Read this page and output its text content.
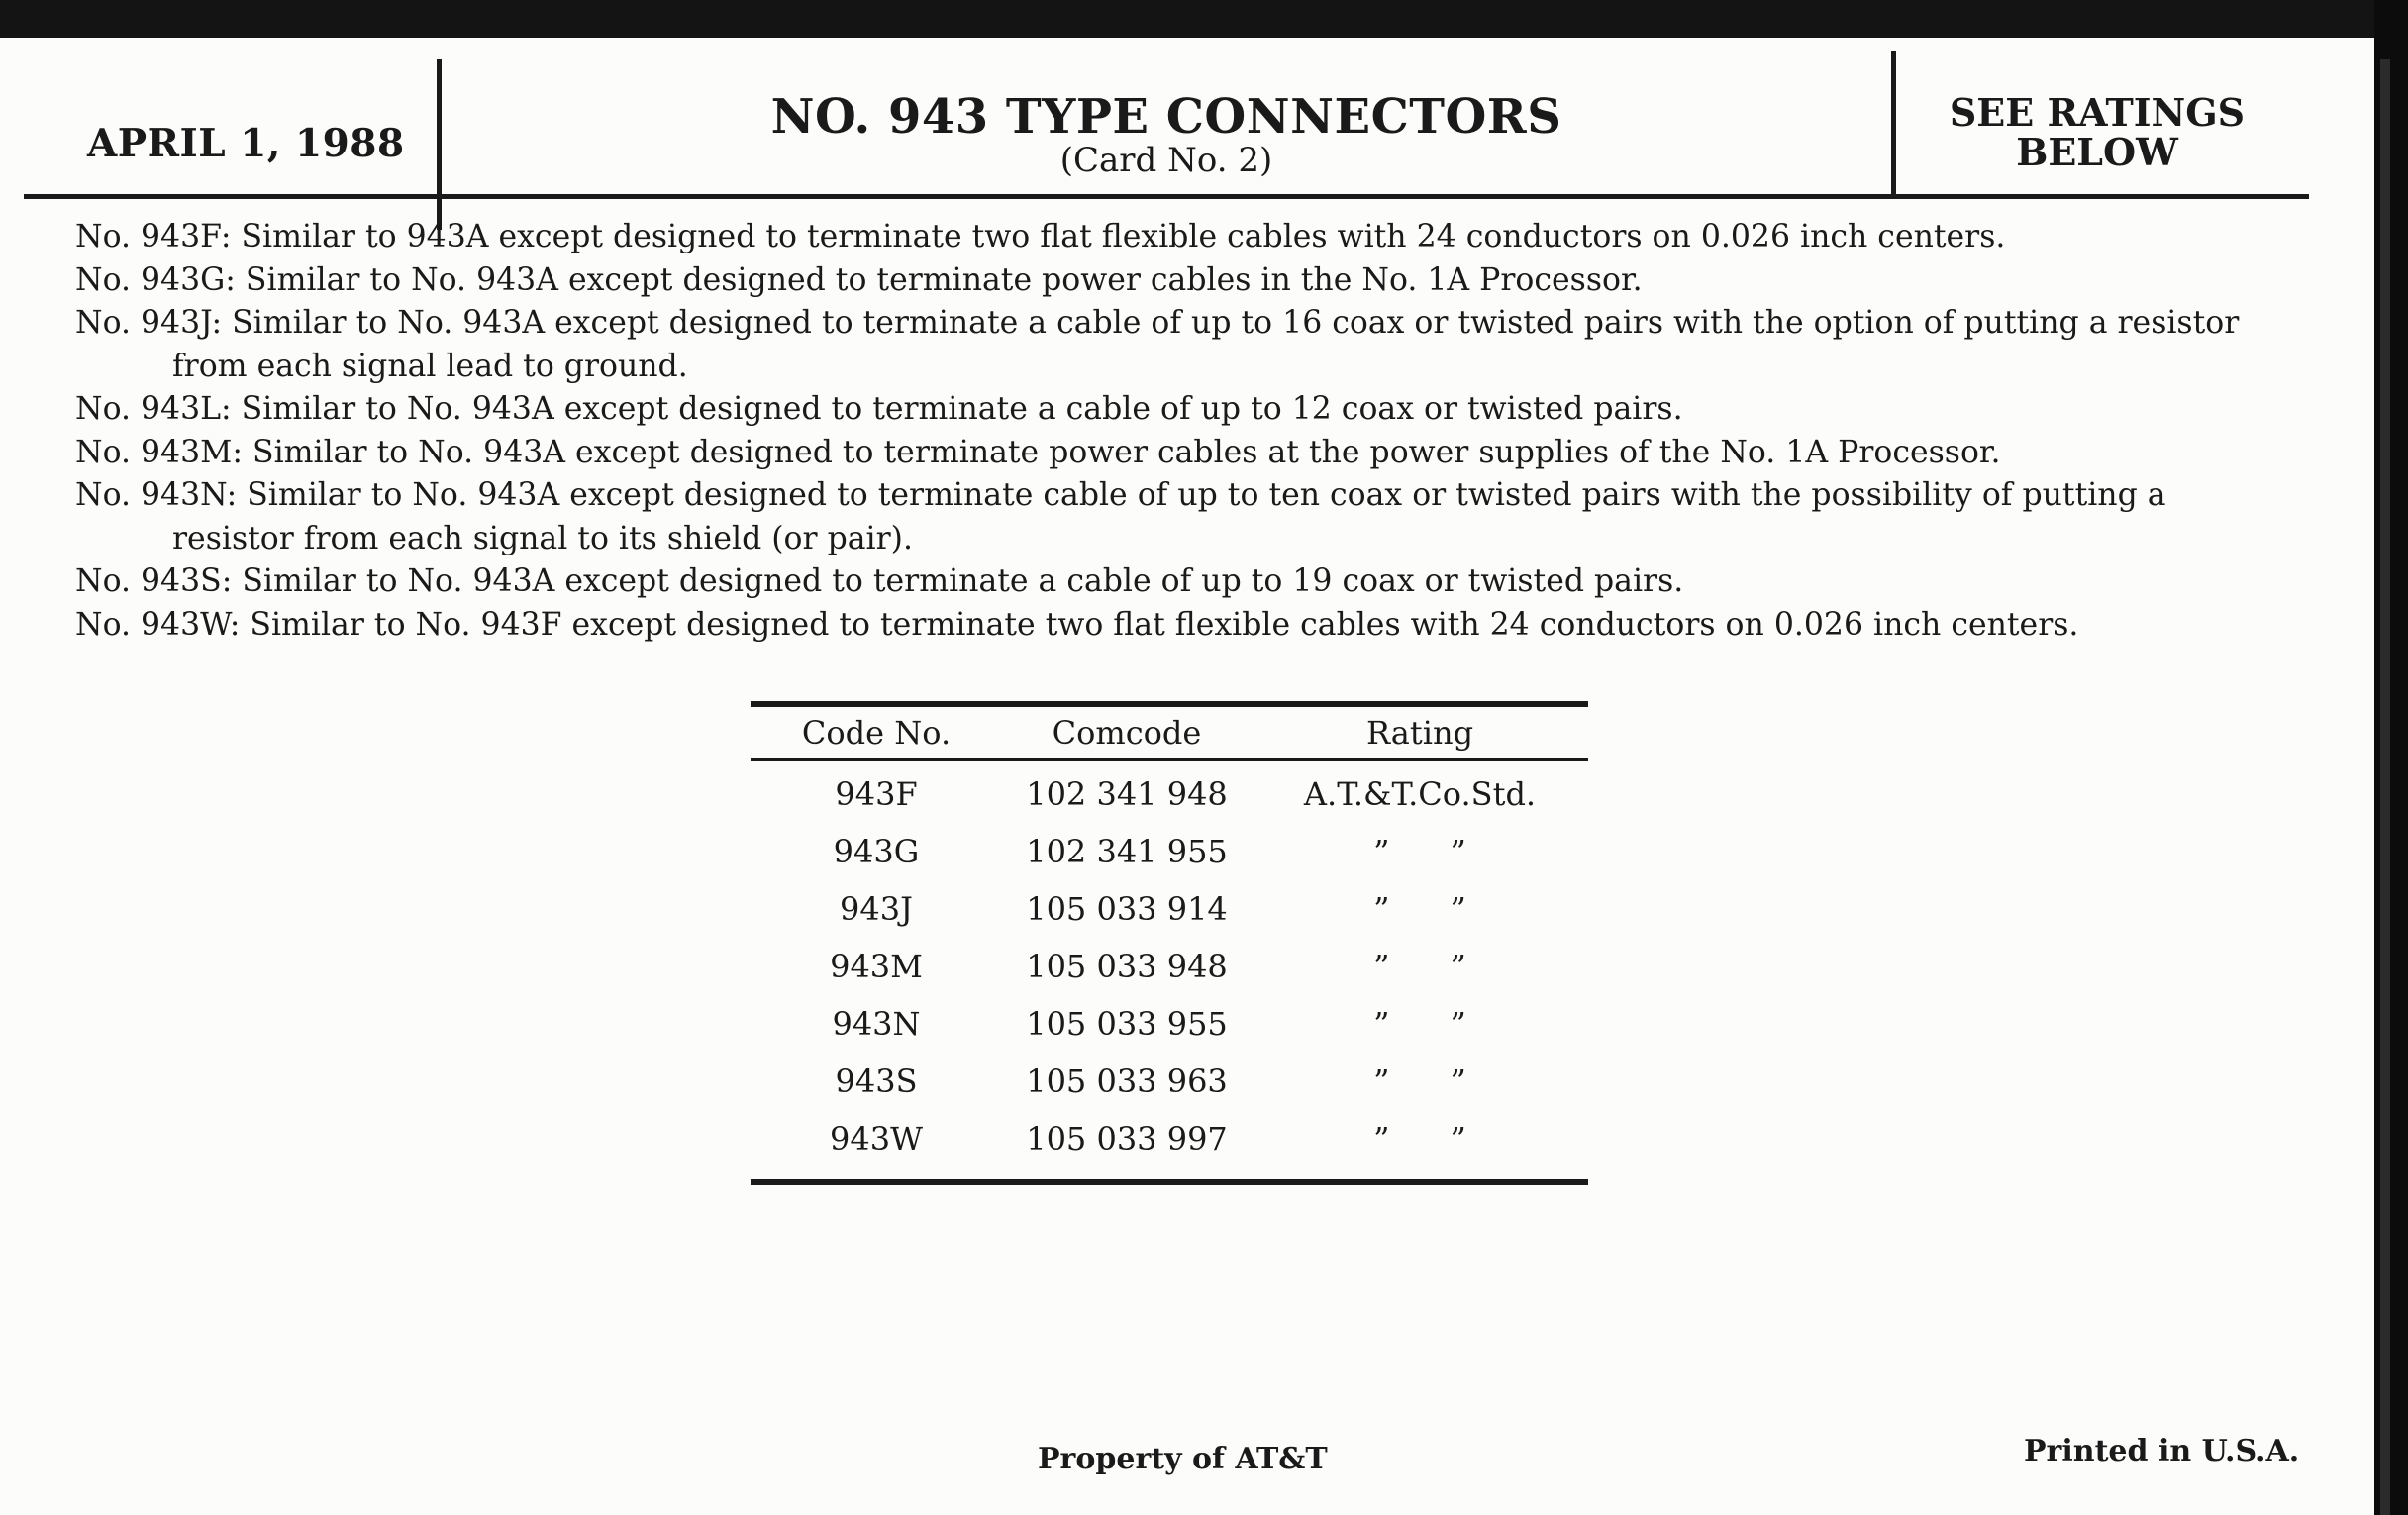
APRIL 1, 1988	NO. 943 TYPE CONNECTORS
(Card No. 2)
SEE RATINGS
BELOW

No. 943F: Similar to 943A except designed to terminate two flat flexible cables with 24 conductors on 0.026 inch centers.

No. 943G: Similar to No. 943A except designed to terminate power cables in the No. 1A Processor.

No. 943J: Similar to No. 943A except designed to terminate a cable of up to 16 coax or twisted pairs with the option of putting a resistor from each signal lead to ground.

No. 943L: Similar to No. 943A except designed to terminate a cable of up to 12 coax or twisted pairs.

No. 943M: Similar to No. 943A except designed to terminate power cables at the power supplies of the No. 1A Processor.

No. 943N: Similar to No. 943A except designed to terminate cable of up to ten coax or twisted pairs with the possibility of putting a resistor from each signal to its shield (or pair).

No. 943S: Similar to No. 943A except designed to terminate a cable of up to 19 coax or twisted pairs.

No. 943W: Similar to No. 943F except designed to terminate two flat flexible cables with 24 conductors on 0.026 inch centers.

Code No.	Comcode	Rating
943F	102 341 948	A.T.&T.Co.Std.
943G	102 341 955	”      ”
943J	105 033 914	”      ”
943M	105 033 948	”      ”
943N	105 033 955	”      ”
943S	105 033 963	”      ”
943W	105 033 997	”      ”
Property of AT&T	Printed in U.S.A.
